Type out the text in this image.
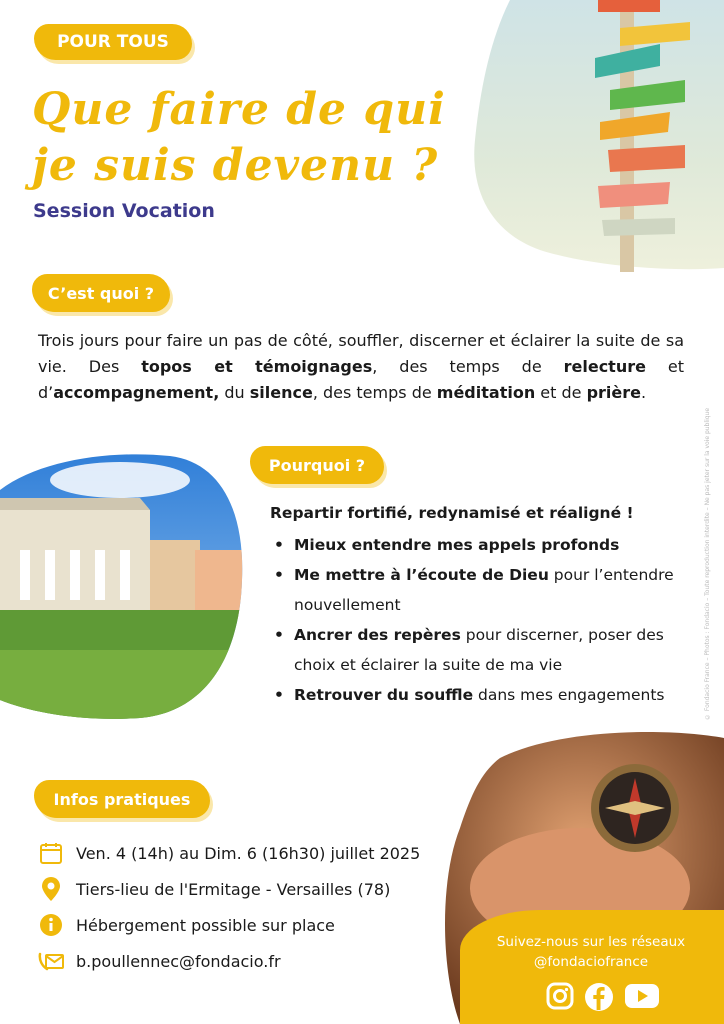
POUR TOUS
Que faire de qui
je suis devenu ?
Session Vocation
C’est quoi ?
Trois jours pour faire un pas de côté, souffler, discerner et éclairer la suite de sa vie. Des topos et témoignages, des temps de relecture et d’accompagnement, du silence, des temps de méditation et de prière.
Pourquoi ?
Repartir fortifié, redynamisé et réaligné !
• Mieux entendre mes appels profonds
• Me mettre à l’écoute de Dieu pour l’entendre nouvellement
• Ancrer des repères pour discerner, poser des choix et éclairer la suite de ma vie
• Retrouver du souffle dans mes engagements
Infos pratiques
Ven. 4 (14h) au Dim. 6 (16h30) juillet 2025
Tiers-lieu de l'Ermitage - Versailles (78)
Hébergement possible sur place
b.poullennec@fondacio.fr
Suivez-nous sur les réseaux
@fondaciofrance
© Fondacio France – Photos : Fondacio – Toute reproduction interdite – Ne pas jeter sur la voie publique
